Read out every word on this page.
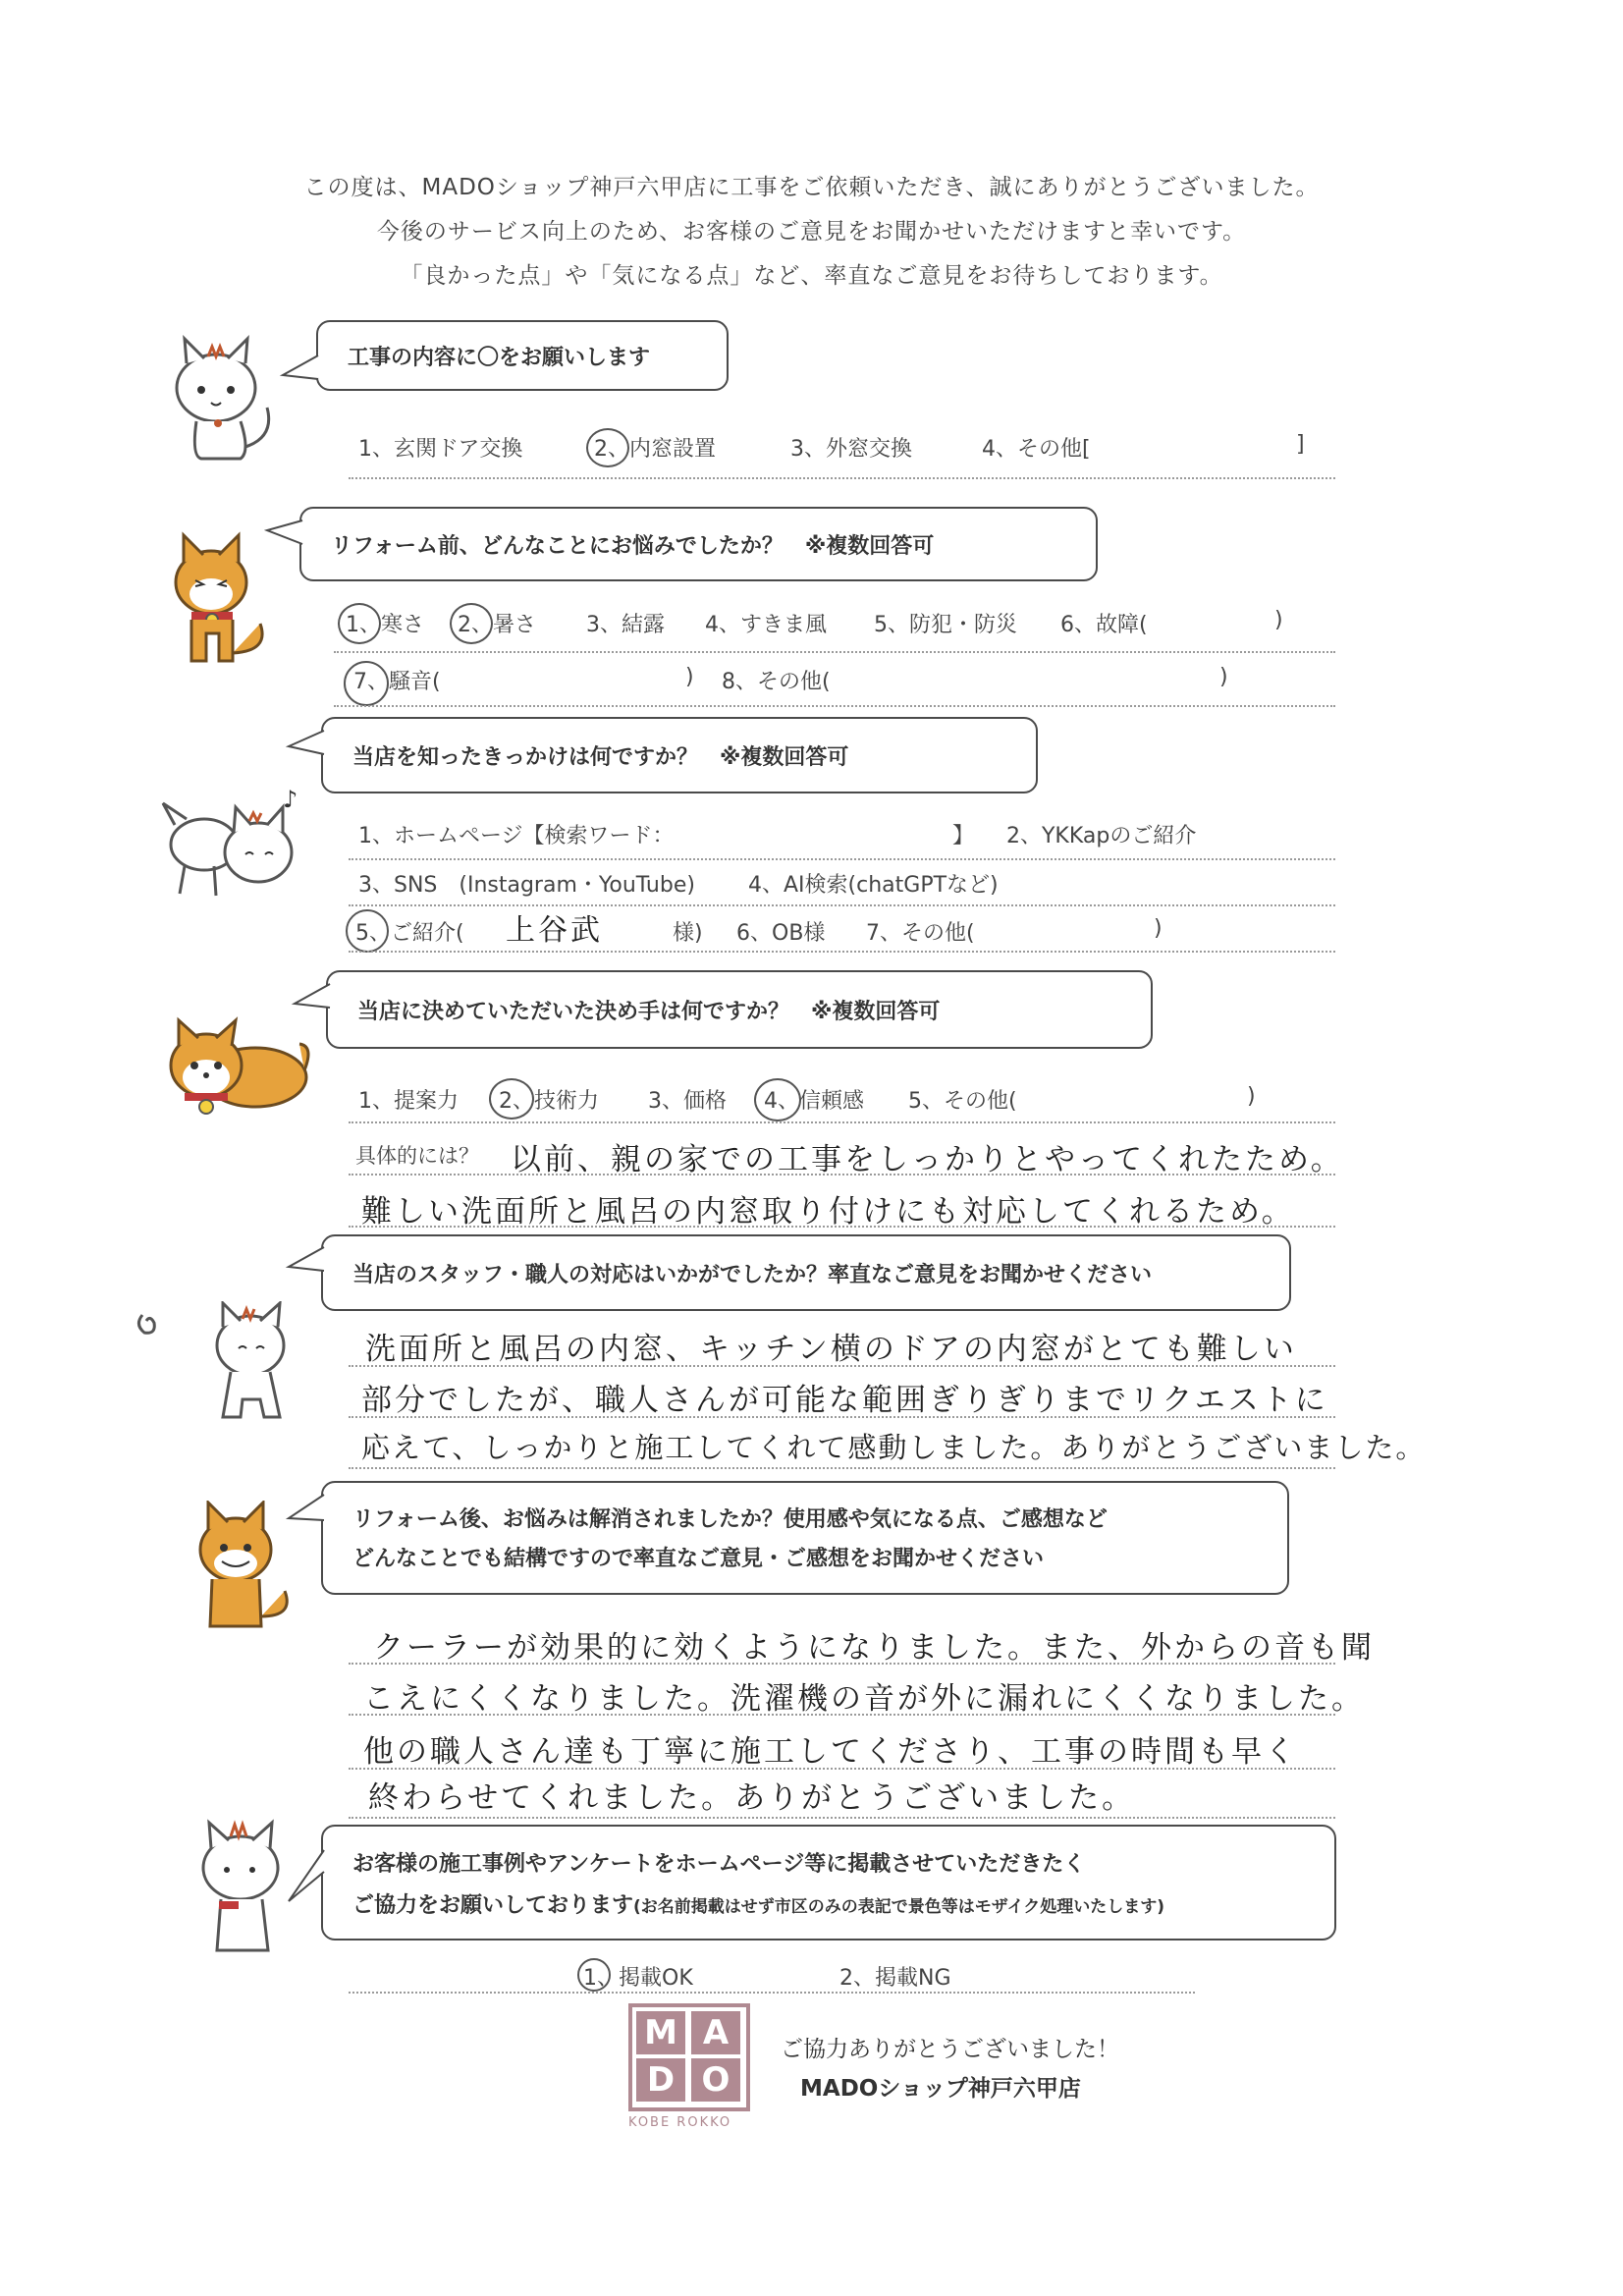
この度は、MADOショップ神戸六甲店に工事をご依頼いただき、誠にありがとうございました。
今後のサービス向上のため、お客様のご意見をお聞かせいただけますと幸いです。
「良かった点」や「気になる点」など、率直なご意見をお待ちしております。
工事の内容に〇をお願いします
1、玄関ドア交換	2、内窓設置	3、外窓交換	4、その他[	]
リフォーム前、どんなことにお悩みでしたか？　※複数回答可
1、寒さ 2、暑さ 3、結露 4、すきま風 5、防犯・防災 6、故障(	)
7、騒音(	) 8、その他(	)
♪
当店を知ったきっかけは何ですか？　※複数回答可
1、ホームページ【検索ワード：	】 2、YKKapのご紹介
3、SNS　(Instagram・YouTube) 4、AI検索(chatGPTなど)
5、ご紹介( 上谷武	様) 6、OB様 7、その他(	)
当店に決めていただいた決め手は何ですか？　※複数回答可
1、提案力 2、技術力 3、価格 4、信頼感 5、その他(	)
具体的には？ 以前、親の家での工事をしっかりとやってくれたため。
難しい洗面所と風呂の内窓取り付けにも対応してくれるため。
当店のスタッフ・職人の対応はいかがでしたか？率直なご意見をお聞かせください
洗面所と風呂の内窓、キッチン横のドアの内窓がとても難しい
部分でしたが、職人さんが可能な範囲ぎりぎりまでリクエストに
応えて、しっかりと施工してくれて感動しました。ありがとうございました。
リフォーム後、お悩みは解消されましたか？使用感や気になる点、ご感想など
どんなことでも結構ですので率直なご意見・ご感想をお聞かせください
クーラーが効果的に効くようになりました。また、外からの音も聞
こえにくくなりました。洗濯機の音が外に漏れにくくなりました。
他の職人さん達も丁寧に施工してくださり、工事の時間も早く
終わらせてくれました。ありがとうございました。
お客様の施工事例やアンケートをホームページ等に掲載させていただきたく
ご協力をお願いしております(お名前掲載はせず市区のみの表記で景色等はモザイク処理いたします)
1、掲載OK	2、掲載NG
M A
D O
KOBE ROKKO
ご協力ありがとうございました！
MADOショップ神戸六甲店
